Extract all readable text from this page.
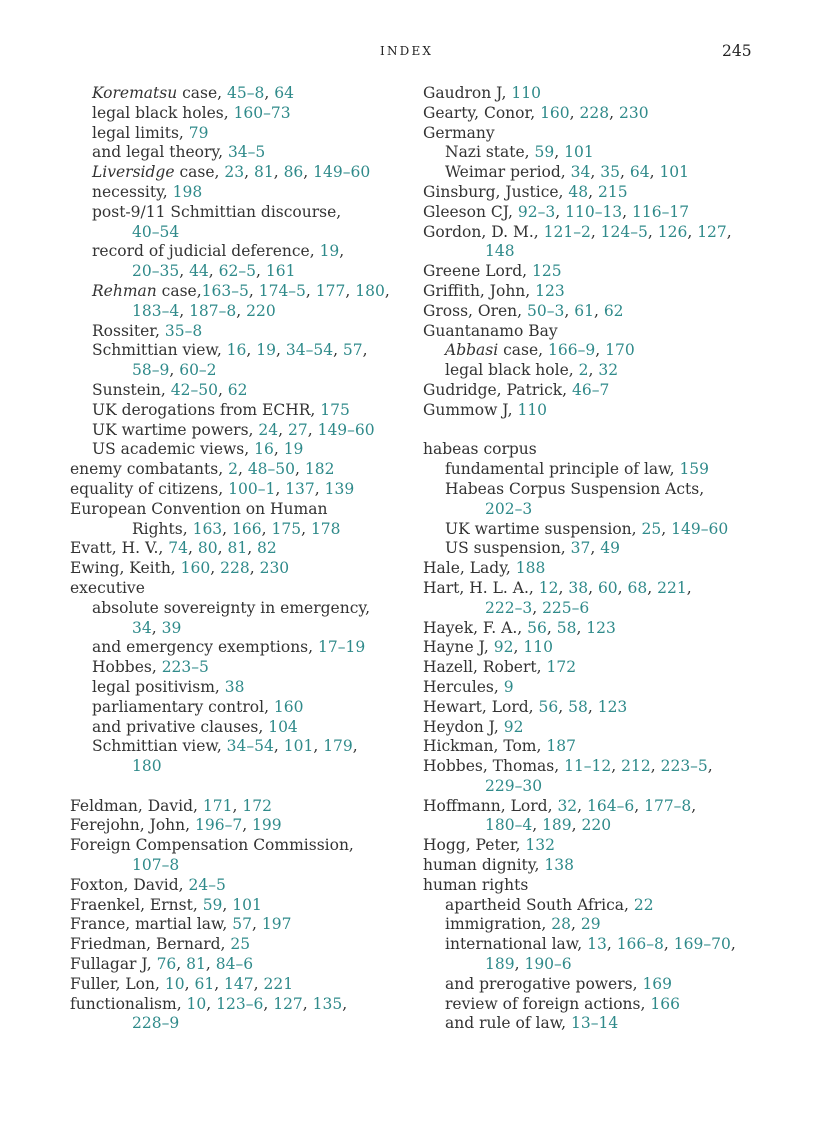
INDEX	245
Korematsu case, 45–8, 64
legal black holes, 160–73
legal limits, 79
and legal theory, 34–5
Liversidge case, 23, 81, 86, 149–60
necessity, 198
post-9/11 Schmittian discourse,
40–54
record of judicial deference, 19,
20–35, 44, 62–5, 161
Rehman case,163–5, 174–5, 177, 180,
183–4, 187–8, 220
Rossiter, 35–8
Schmittian view, 16, 19, 34–54, 57,
58–9, 60–2
Sunstein, 42–50, 62
UK derogations from ECHR, 175
UK wartime powers, 24, 27, 149–60
US academic views, 16, 19
enemy combatants, 2, 48–50, 182
equality of citizens, 100–1, 137, 139
European Convention on Human
Rights, 163, 166, 175, 178
Evatt, H. V., 74, 80, 81, 82
Ewing, Keith, 160, 228, 230
executive
absolute sovereignty in emergency,
34, 39
and emergency exemptions, 17–19
Hobbes, 223–5
legal positivism, 38
parliamentary control, 160
and privative clauses, 104
Schmittian view, 34–54, 101, 179,
180
Feldman, David, 171, 172
Ferejohn, John, 196–7, 199
Foreign Compensation Commission,
107–8
Foxton, David, 24–5
Fraenkel, Ernst, 59, 101
France, martial law, 57, 197
Friedman, Bernard, 25
Fullagar J, 76, 81, 84–6
Fuller, Lon, 10, 61, 147, 221
functionalism, 10, 123–6, 127, 135,
228–9
Gaudron J, 110
Gearty, Conor, 160, 228, 230
Germany
Nazi state, 59, 101
Weimar period, 34, 35, 64, 101
Ginsburg, Justice, 48, 215
Gleeson CJ, 92–3, 110–13, 116–17
Gordon, D. M., 121–2, 124–5, 126, 127,
148
Greene Lord, 125
Griffith, John, 123
Gross, Oren, 50–3, 61, 62
Guantanamo Bay
Abbasi case, 166–9, 170
legal black hole, 2, 32
Gudridge, Patrick, 46–7
Gummow J, 110
habeas corpus
fundamental principle of law, 159
Habeas Corpus Suspension Acts,
202–3
UK wartime suspension, 25, 149–60
US suspension, 37, 49
Hale, Lady, 188
Hart, H. L. A., 12, 38, 60, 68, 221,
222–3, 225–6
Hayek, F. A., 56, 58, 123
Hayne J, 92, 110
Hazell, Robert, 172
Hercules, 9
Hewart, Lord, 56, 58, 123
Heydon J, 92
Hickman, Tom, 187
Hobbes, Thomas, 11–12, 212, 223–5,
229–30
Hoffmann, Lord, 32, 164–6, 177–8,
180–4, 189, 220
Hogg, Peter, 132
human dignity, 138
human rights
apartheid South Africa, 22
immigration, 28, 29
international law, 13, 166–8, 169–70,
189, 190–6
and prerogative powers, 169
review of foreign actions, 166
and rule of law, 13–14
